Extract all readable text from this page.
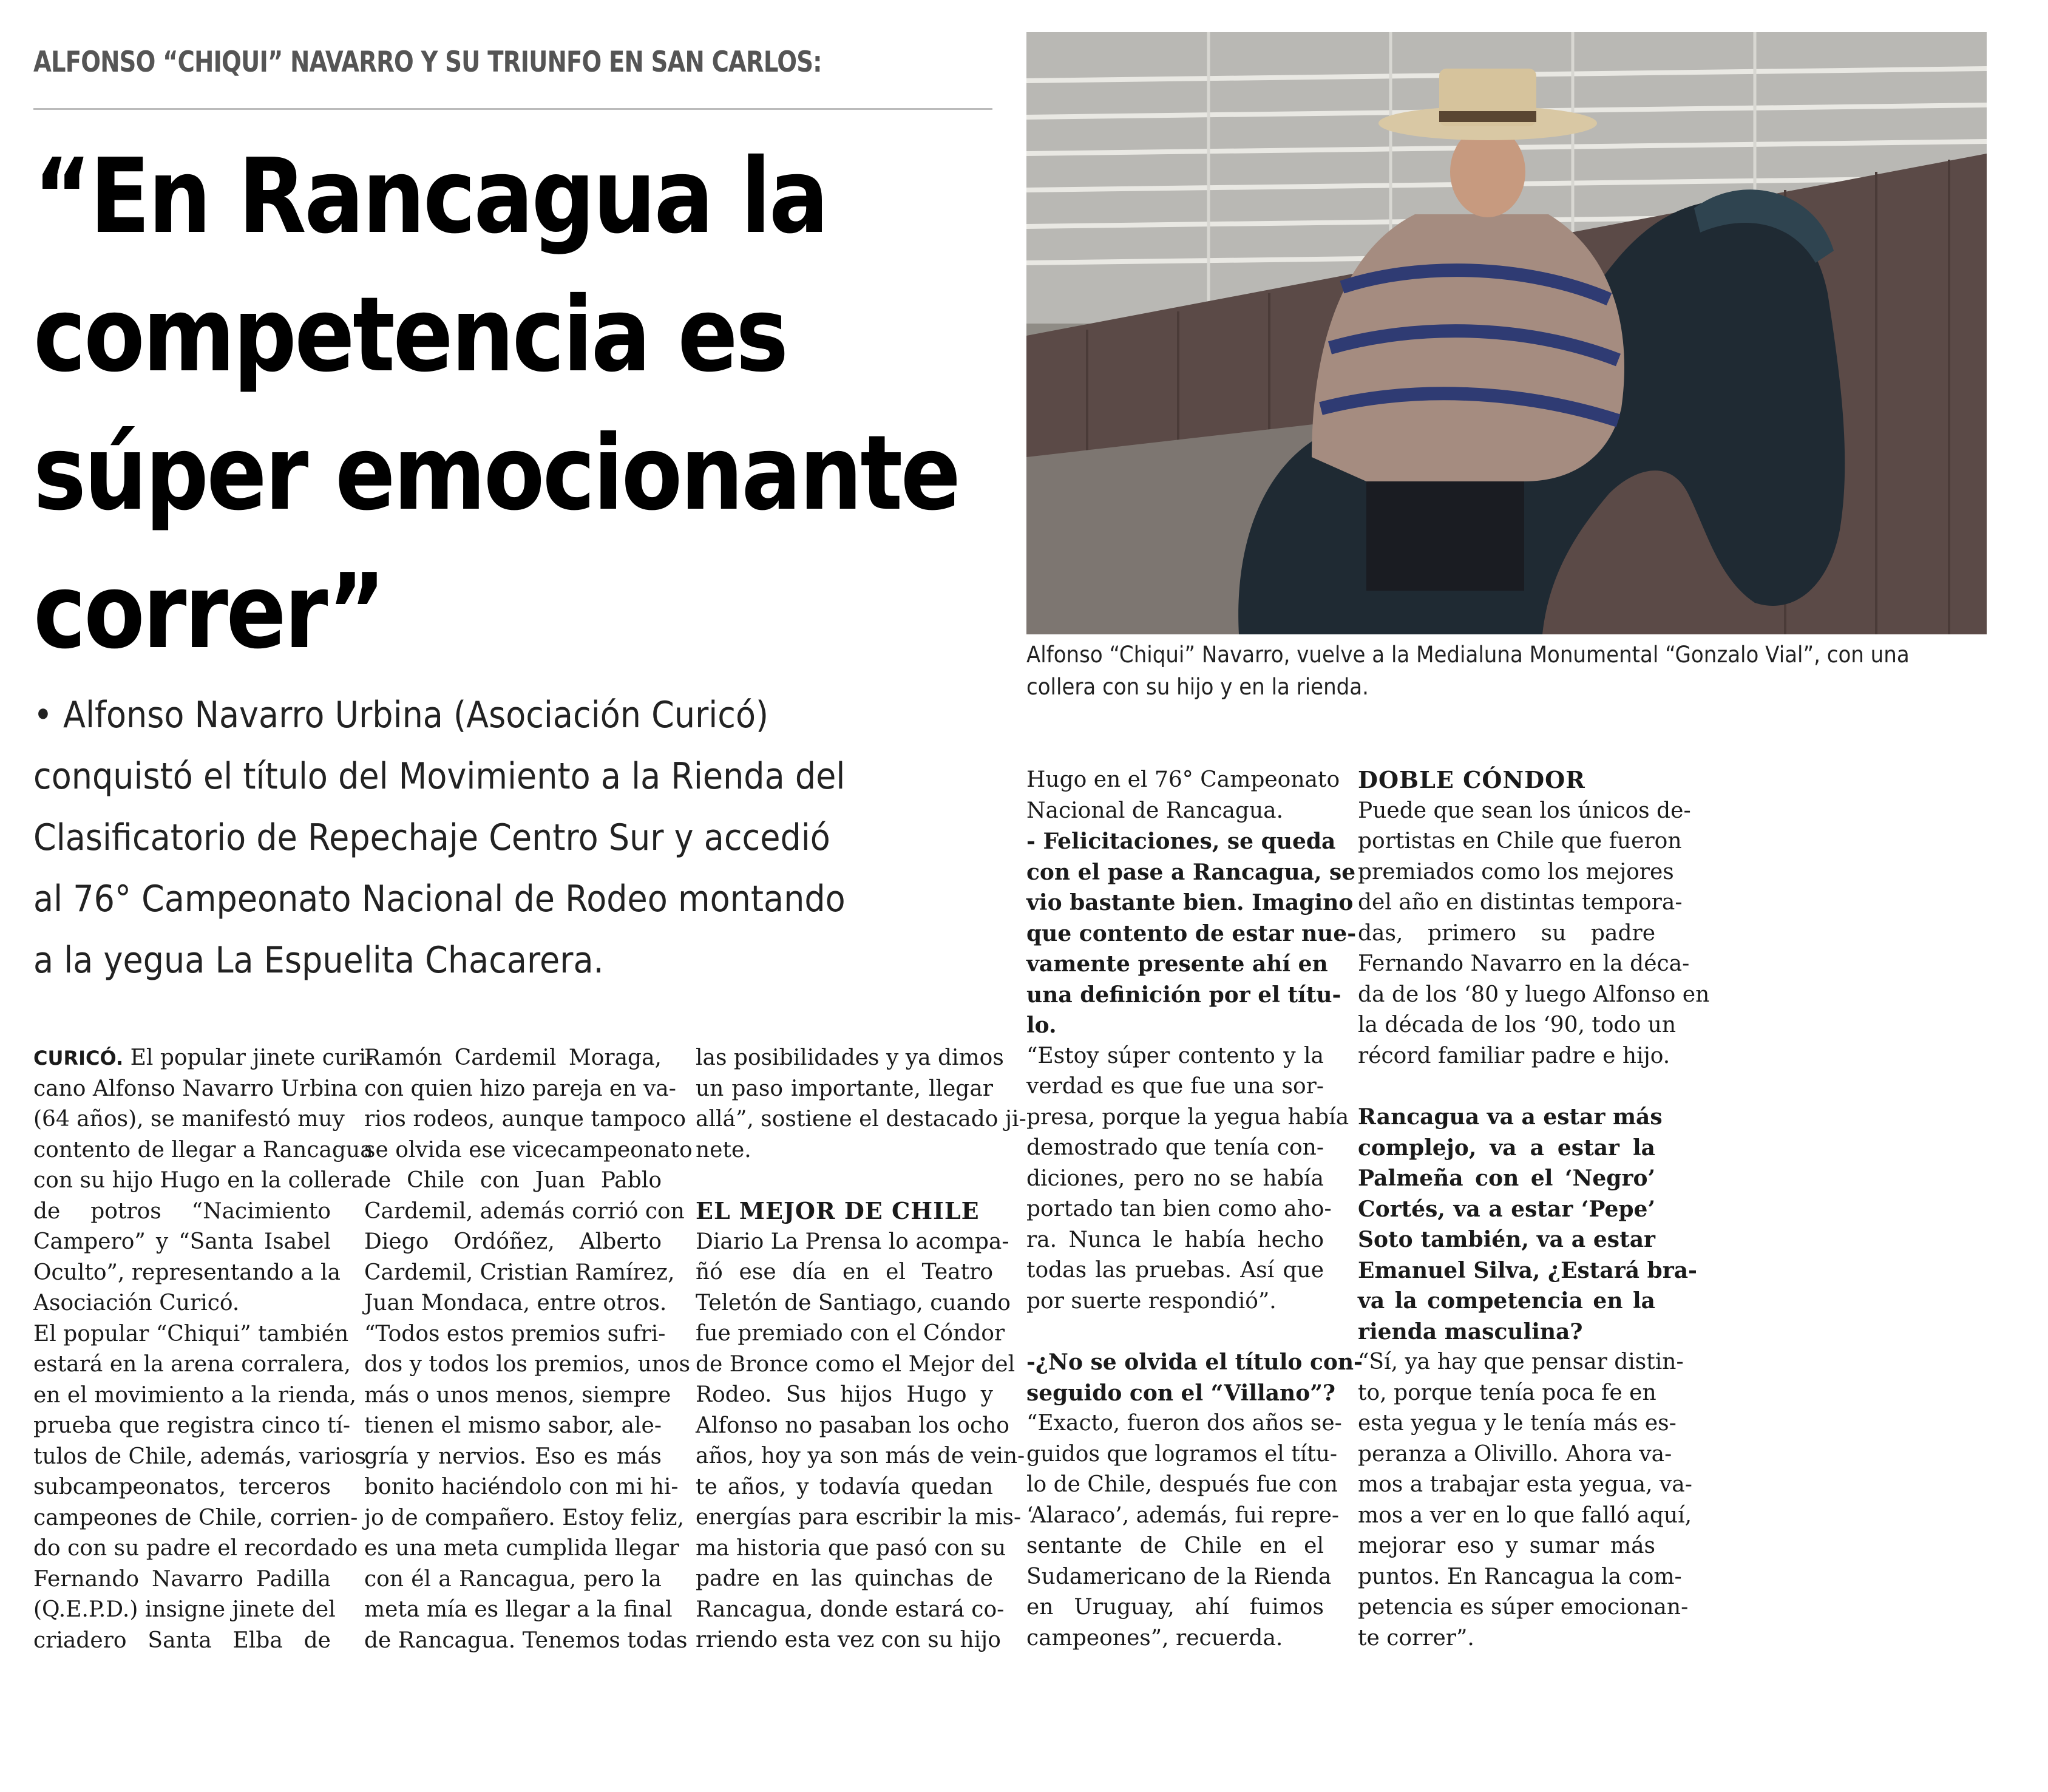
ALFONSO “CHIQUI” NAVARRO Y SU TRIUNFO EN SAN CARLOS:
“En Rancagua la
competencia es
súper emocionante
correr”	Alfonso “Chiqui” Navarro, vuelve a la Medialuna Monumental “Gonzalo Vial”, con una collera con su hijo y en la rienda.
• Alfonso Navarro Urbina (Asociación Curicó)
conquistó el título del Movimiento a la Rienda del
Clasificatorio de Repechaje Centro Sur y accedió
al 76° Campeonato Nacional de Rodeo montando
a la yegua La Espuelita Chacarera.
CURICÓ. El popular jinete curi-
cano Alfonso Navarro Urbina
(64 años), se manifestó muy
contento de llegar a Rancagua
con su hijo Hugo en la collera
de potros “Nacimiento
Campero” y “Santa Isabel
Oculto”, representando a la
Asociación Curicó.
El popular “Chiqui” también
estará en la arena corralera,
en el movimiento a la rienda,
prueba que registra cinco tí-
tulos de Chile, además, varios
subcampeonatos, terceros
campeones de Chile, corrien-
do con su padre el recordado
Fernando Navarro Padilla
(Q.E.P.D.) insigne jinete del
criadero Santa Elba de
Ramón Cardemil Moraga,
con quien hizo pareja en va-
rios rodeos, aunque tampoco
se olvida ese vicecampeonato
de Chile con Juan Pablo
Cardemil, además corrió con
Diego Ordóñez, Alberto
Cardemil, Cristian Ramírez,
Juan Mondaca, entre otros.
“Todos estos premios sufri-
dos y todos los premios, unos
más o unos menos, siempre
tienen el mismo sabor, ale-
gría y nervios. Eso es más
bonito haciéndolo con mi hi-
jo de compañero. Estoy feliz,
es una meta cumplida llegar
con él a Rancagua, pero la
meta mía es llegar a la final
de Rancagua. Tenemos todas
las posibilidades y ya dimos
un paso importante, llegar
allá”, sostiene el destacado ji-
nete.
EL MEJOR DE CHILE
Diario La Prensa lo acompa-
ñó ese día en el Teatro
Teletón de Santiago, cuando
fue premiado con el Cóndor
de Bronce como el Mejor del
Rodeo. Sus hijos Hugo y
Alfonso no pasaban los ocho
años, hoy ya son más de vein-
te años, y todavía quedan
energías para escribir la mis-
ma historia que pasó con su
padre en las quinchas de
Rancagua, donde estará co-
rriendo esta vez con su hijo
Hugo en el 76° Campeonato
Nacional de Rancagua.
- Felicitaciones, se queda
con el pase a Rancagua, se
vio bastante bien. Imagino
que contento de estar nue-
vamente presente ahí en
una definición por el títu-
lo.
“Estoy súper contento y la
verdad es que fue una sor-
presa, porque la yegua había
demostrado que tenía con-
diciones, pero no se había
portado tan bien como aho-
ra. Nunca le había hecho
todas las pruebas. Así que
por suerte respondió”.
-¿No se olvida el título con-
seguido con el “Villano”?
“Exacto, fueron dos años se-
guidos que logramos el títu-
lo de Chile, después fue con
‘Alaraco’, además, fui repre-
sentante de Chile en el
Sudamericano de la Rienda
en Uruguay, ahí fuimos
campeones”, recuerda.
DOBLE CÓNDOR
Puede que sean los únicos de-
portistas en Chile que fueron
premiados como los mejores
del año en distintas tempora-
das, primero su padre
Fernando Navarro en la déca-
da de los ‘80 y luego Alfonso en
la década de los ‘90, todo un
récord familiar padre e hijo.
Rancagua va a estar más
complejo, va a estar la
Palmeña con el ‘Negro’
Cortés, va a estar ‘Pepe’
Soto también, va a estar
Emanuel Silva, ¿Estará bra-
va la competencia en la
rienda masculina?
“Sí, ya hay que pensar distin-
to, porque tenía poca fe en
esta yegua y le tenía más es-
peranza a Olivillo. Ahora va-
mos a trabajar esta yegua, va-
mos a ver en lo que falló aquí,
mejorar eso y sumar más
puntos. En Rancagua la com-
petencia es súper emocionan-
te correr”.
